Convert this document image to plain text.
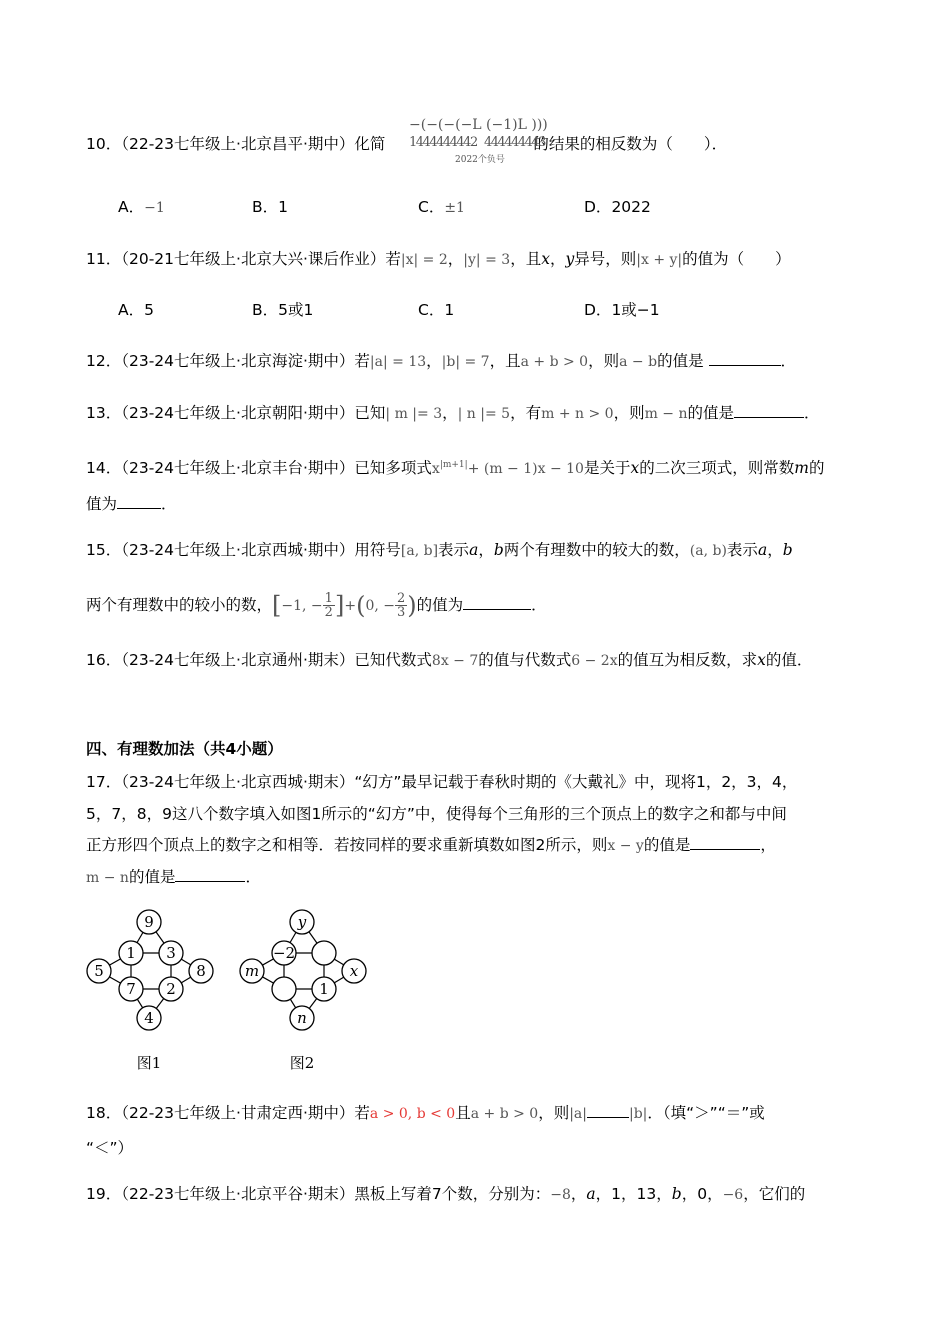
10．（22-23七年级上·北京昌平·期中）化简	的结果的相反数为（　　）．
−(−(−(−L (−1)L )))
1444444442 444444443
2022个负号
A．−1	B．1	C．±1	D．2022
11．（20-21七年级上·北京大兴·课后作业）若|x| = 2，|y| = 3，且x，y异号，则|x + y|的值为（　　）
A．5	B．5或1	C．1	D．1或−1
12．（23-24七年级上·北京海淀·期中）若|a| = 13，|b| = 7，且a + b > 0，则a − b的值是	．
13．（23-24七年级上·北京朝阳·期中）已知| m |= 3，| n |= 5，有m + n > 0，则m − n的值是	．
14．（23-24七年级上·北京丰台·期中）已知多项式$x^{|m+1|}+ (m - 1)x - 10$是关于x的二次三项式，则常数m的
值为	．
15．（23-24七年级上·北京西城·期中）用符号[a, b]表示a，b两个有理数中的较大的数，(a, b)表示a，b
两个有理数中的较小的数，[−1, − $\frac{1}{2} ]+(0$, − $\frac{2}{3}$ )的值为	．
16．（23-24七年级上·北京通州·期末）已知代数式8x − 7的值与代数式6 − 2x的值互为相反数，求x的值．
四、有理数加法（共4小题）
17．（23-24七年级上·北京西城·期末）“幻方”最早记载于春秋时期的《大戴礼》中，现将1，2，3，4，
5，7，8，9这八个数字填入如图1所示的“幻方”中，使得每个三角形的三个顶点上的数字之和都与中间
正方形四个顶点上的数字之和相等．若按同样的要求重新填数如图2所示，则x − y的值是	，
m − n的值是	．
9
1 3
5	8
7 2
4
图1
y
−2
m	x
1
n
图2
18．（22-23七年级上·甘肃定西·期中）若a > 0, b < 0且a + b > 0，则|a|	|b|．（填“＞”“＝”或
“＜”）
19．（22-23七年级上·北京平谷·期末）黑板上写着7个数，分别为：−8，a，1，13，b，0，−6，它们的
